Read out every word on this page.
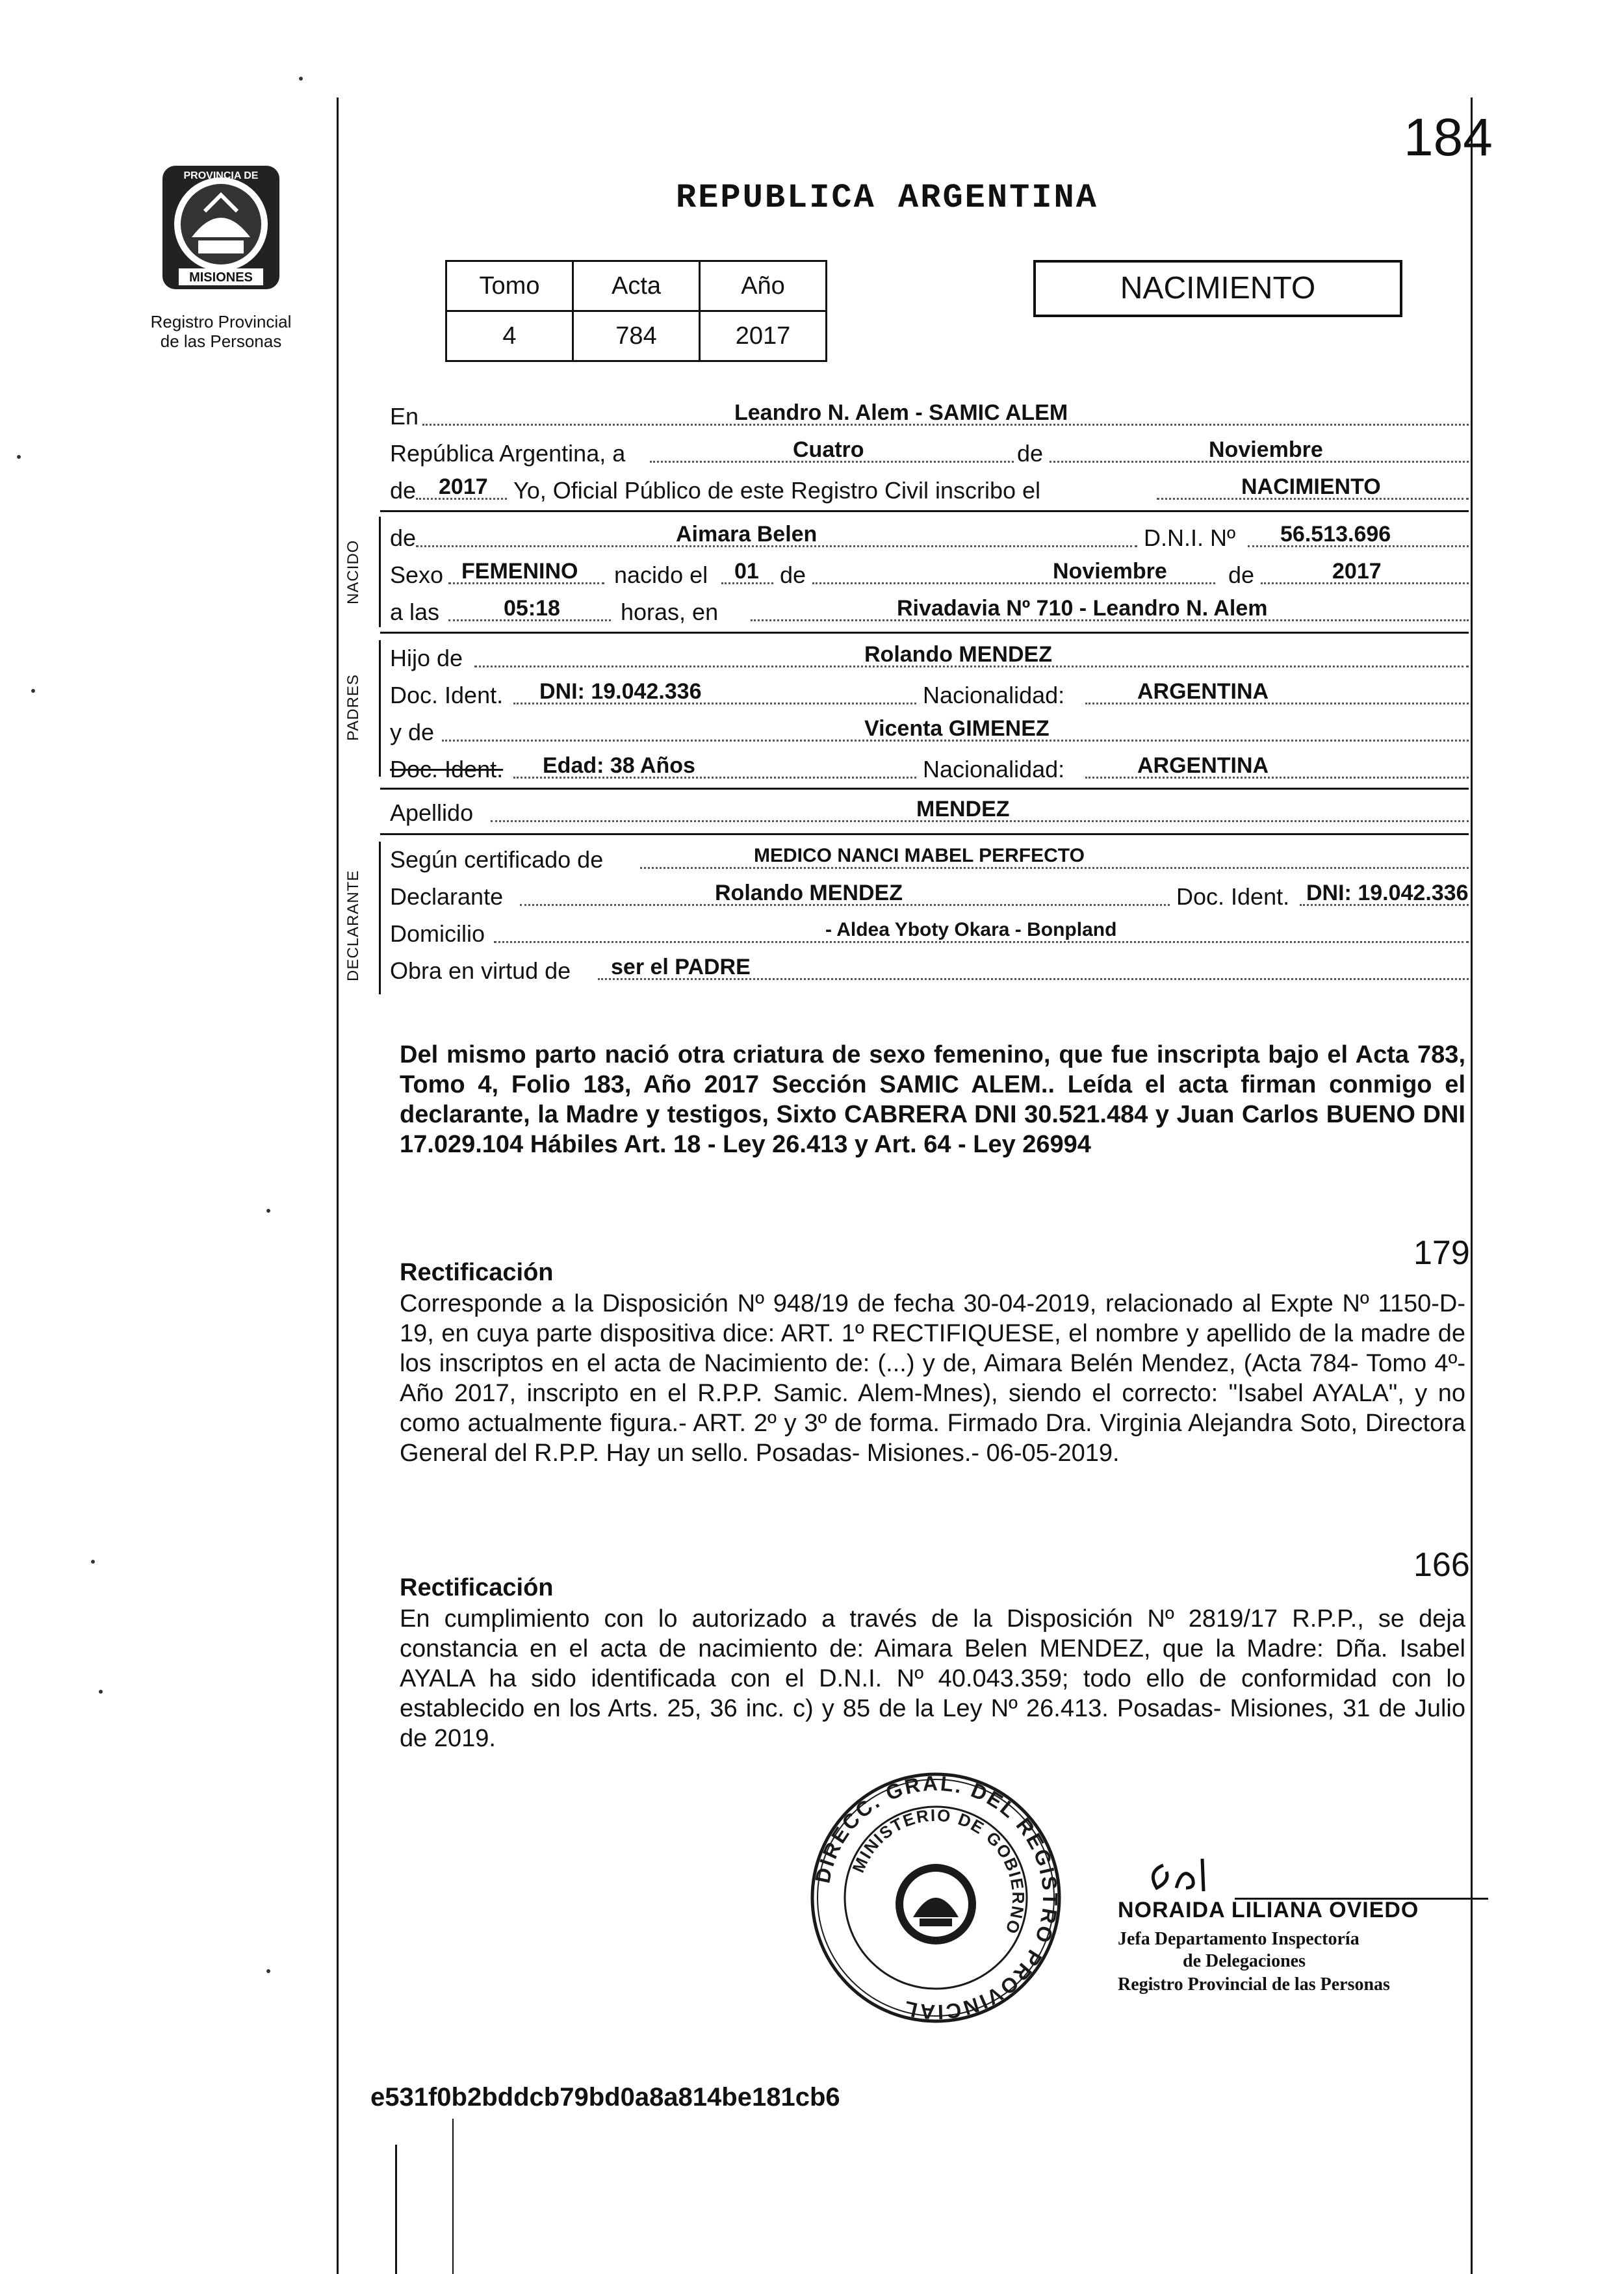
MISIONES
PROVINCIA DE
Registro Provincial
de las Personas
184
REPUBLICA ARGENTINA
Tomo	Acta	Año
4	784	2017
NACIMIENTO
En	Leandro N. Alem - SAMIC ALEM
República Argentina, a	Cuatro	de	Noviembre
de 2017 Yo, Oficial Público de este Registro Civil inscribo el	NACIMIENTO
NACIDO
de	Aimara Belen	D.N.I. Nº 56.513.696
Sexo FEMENINO nacido el 01 de	Noviembre	de	2017
a las	05:18	horas, en	Rivadavia Nº 710 - Leandro N. Alem
PADRES
Hijo de	Rolando MENDEZ
Doc. Ident. DNI: 19.042.336	Nacionalidad:	ARGENTINA
y de	Vicenta GIMENEZ
Doc. Ident. Edad: 38 Años	Nacionalidad:	ARGENTINA
Apellido	MENDEZ
DECLARANTE
Según certificado de	MEDICO NANCI MABEL PERFECTO
Declarante	Rolando MENDEZ	Doc. Ident. DNI: 19.042.336
Domicilio	- Aldea Yboty Okara - Bonpland
Obra en virtud de ser el PADRE
Del mismo parto nació otra criatura de sexo femenino, que fue inscripta bajo el Acta 783, Tomo 4, Folio 183, Año 2017 Sección SAMIC ALEM.. Leída el acta firman conmigo el declarante, la Madre y testigos, Sixto CABRERA DNI 30.521.484 y Juan Carlos BUENO DNI 17.029.104 Hábiles Art. 18 - Ley 26.413 y Art. 64 - Ley 26994
Rectificación
179
Corresponde a la Disposición Nº 948/19 de fecha 30-04-2019, relacionado al Expte Nº 1150-D-19, en cuya parte dispositiva dice: ART. 1º RECTIFIQUESE, el nombre y apellido de la madre de los inscriptos en el acta de Nacimiento de: (...) y de, Aimara Belén Mendez, (Acta 784- Tomo 4º- Año 2017, inscripto en el R.P.P. Samic. Alem-Mnes), siendo el correcto: "Isabel AYALA", y no como actualmente figura.- ART. 2º y 3º de forma. Firmado Dra. Virginia Alejandra Soto, Directora General del R.P.P. Hay un sello. Posadas- Misiones.- 06-05-2019.
Rectificación
166
En cumplimiento con lo autorizado a través de la Disposición Nº 2819/17 R.P.P., se deja constancia en el acta de nacimiento de: Aimara Belen MENDEZ, que la Madre: Dña. Isabel AYALA ha sido identificada con el D.N.I. Nº 40.043.359; todo ello de conformidad con lo establecido en los Arts. 25, 36 inc. c) y 85 de la Ley Nº 26.413. Posadas- Misiones, 31 de Julio de 2019.
DIRECC. GRAL. DEL REGISTRO PROVINCIAL
MINISTERIO DE GOBIERNO
NORAIDA LILIANA OVIEDO
Jefa Departamento Inspectoría
de Delegaciones
Registro Provincial de las Personas
e531f0b2bddcb79bd0a8a814be181cb6
